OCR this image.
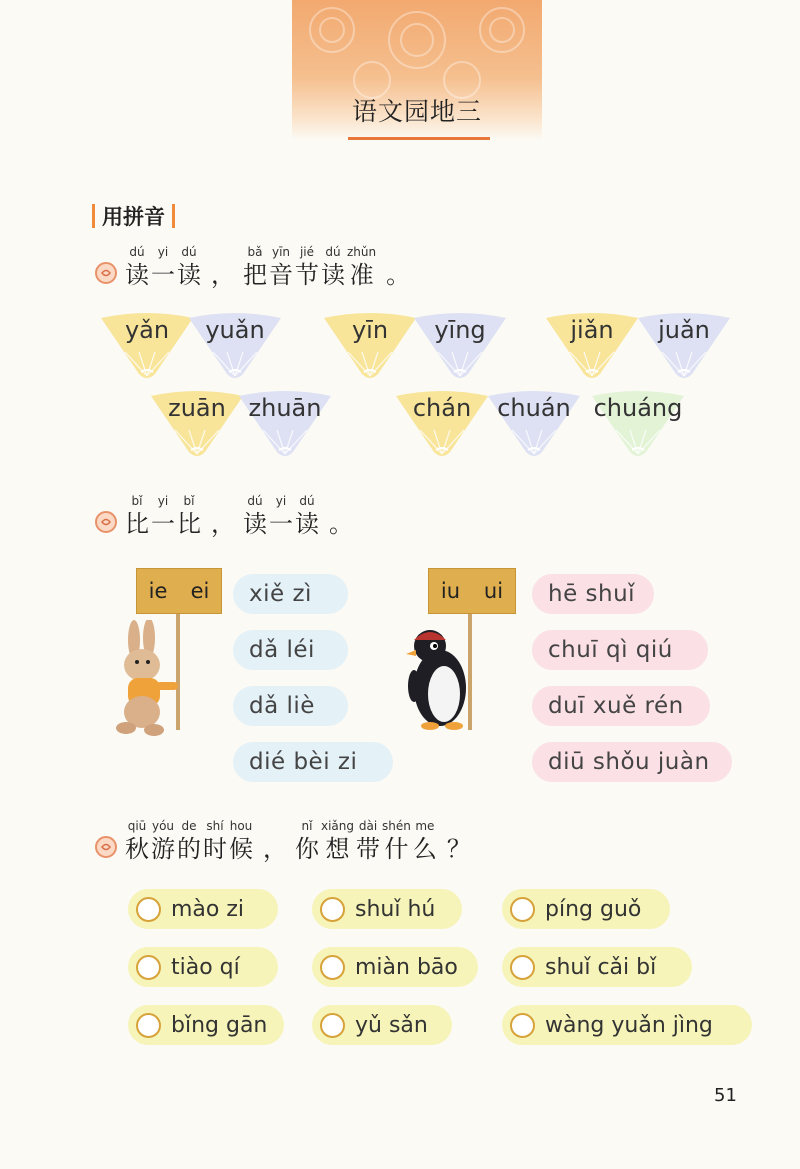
语文园地三
用拼音
dú
读
yi
一
dú
读 ，
bǎ
把
yīn
音
jié
节
dú
读
zhǔn
准 。
yǎn	yuǎn	yīn	yīng	jiǎn	juǎn
zuān zhuān	chán	chuán chuáng
bǐ
比
yi
一
bǐ
比 ，
dú
读
yi
一
dú
读 。
ie ei	xiě zì
dǎ léi
dǎ liè
dié bèi zi
iu ui	hē shuǐ
chuī qì qiú
duī xuě rén
diū shǒu juàn
qiū
秋
yóu
游
de
的
shí
时
hou
候 ，
nǐ
你
xiǎng
想
dài
带
shén
什
me
么 ？
mào zi	shuǐ hú	píng guǒ
tiào qí	miàn bāo	shuǐ cǎi bǐ
bǐng gān	yǔ sǎn	wàng yuǎn jìng
51
